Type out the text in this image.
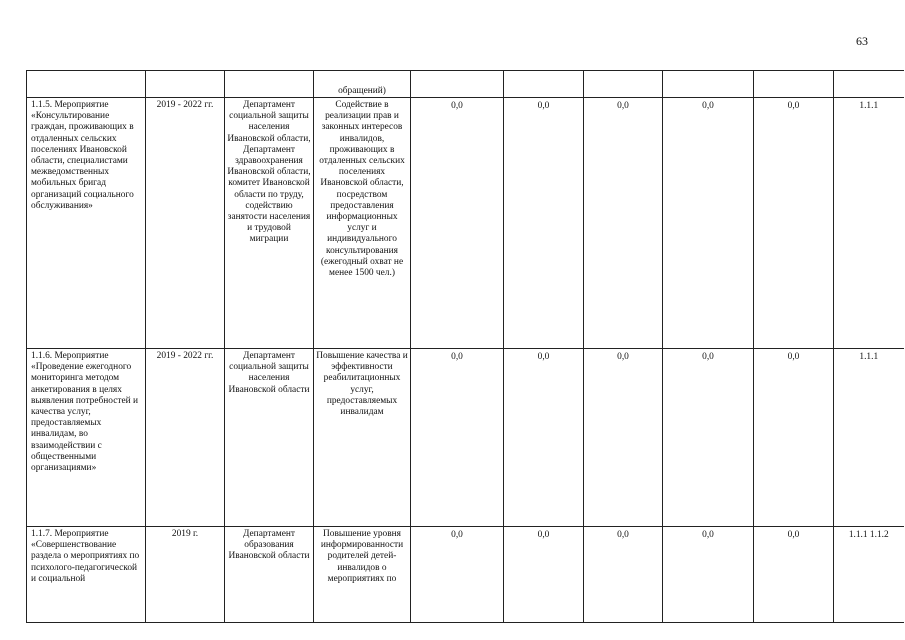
63
			обращений)						
1.1.5. Мероприятие «Консультирование граждан, проживающих в отдаленных сельских поселениях Ивановской области, специалистами межведомственных мобильных бригад организаций социального обслуживания»	2019 - 2022 гг.	Департамент социальной защиты населения Ивановской области, Департамент здравоохранения Ивановской области, комитет Ивановской области по труду, содействию занятости населения и трудовой миграции	Содействие в реализации прав и законных интересов инвалидов, проживающих в отдаленных сельских поселениях Ивановской области, посредством предоставления информационных услуг и индивидуального консультирования (ежегодный охват не менее 1500 чел.)	0,0	0,0	0,0	0,0	0,0	1.1.1
1.1.6. Мероприятие «Проведение ежегодного мониторинга методом анкетирования в целях выявления потребностей и качества услуг, предоставляемых инвалидам, во взаимодействии с общественными организациями»	2019 - 2022 гг.	Департамент социальной защиты населения Ивановской области	Повышение качества и эффективности реабилитационных услуг, предоставляемых инвалидам	0,0	0,0	0,0	0,0	0,0	1.1.1
1.1.7. Мероприятие «Совершенствование раздела о мероприятиях по психолого-педагогической и социальной	2019 г.	Департамент образования Ивановской области	Повышение уровня информированности родителей детей-инвалидов о мероприятиях по	0,0	0,0	0,0	0,0	0,0	1.1.1 1.1.2
